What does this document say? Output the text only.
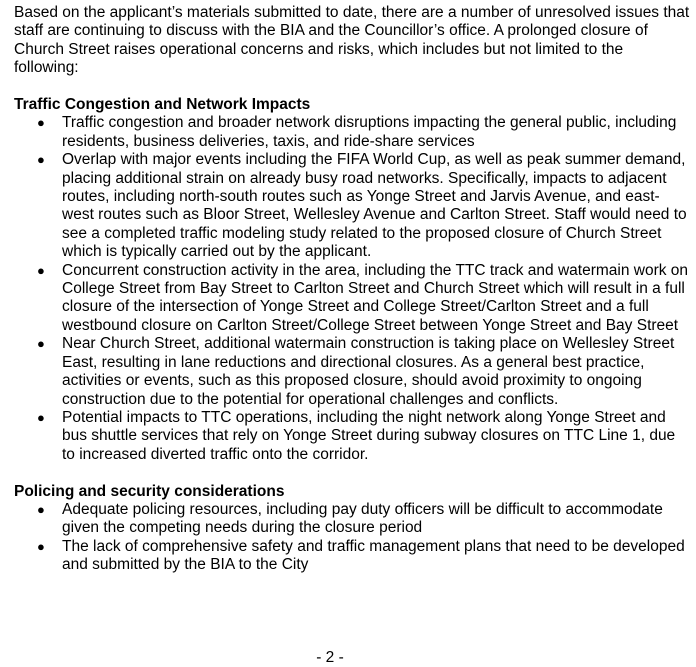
Based on the applicant’s materials submitted to date, there are a number of unresolved issues that staff are continuing to discuss with the BIA and the Councillor’s office. A prolonged closure of Church Street raises operational concerns and risks, which includes but not limited to the following:

Traffic Congestion and Network Impacts
● Traffic congestion and broader network disruptions impacting the general public, including residents, business deliveries, taxis, and ride-share services
● Overlap with major events including the FIFA World Cup, as well as peak summer demand, placing additional strain on already busy road networks. Specifically, impacts to adjacent routes, including north-south routes such as Yonge Street and Jarvis Avenue, and east-west routes such as Bloor Street, Wellesley Avenue and Carlton Street. Staff would need to see a completed traffic modeling study related to the proposed closure of Church Street which is typically carried out by the applicant.
● Concurrent construction activity in the area, including the TTC track and watermain work on College Street from Bay Street to Carlton Street and Church Street which will result in a full closure of the intersection of Yonge Street and College Street/Carlton Street and a full westbound closure on Carlton Street/College Street between Yonge Street and Bay Street
● Near Church Street, additional watermain construction is taking place on Wellesley Street East, resulting in lane reductions and directional closures. As a general best practice, activities or events, such as this proposed closure, should avoid proximity to ongoing construction due to the potential for operational challenges and conflicts.
● Potential impacts to TTC operations, including the night network along Yonge Street and bus shuttle services that rely on Yonge Street during subway closures on TTC Line 1, due to increased diverted traffic onto the corridor.
Policing and security considerations
● Adequate policing resources, including pay duty officers will be difficult to accommodate given the competing needs during the closure period
● The lack of comprehensive safety and traffic management plans that need to be developed and submitted by the BIA to the City
- 2 -
